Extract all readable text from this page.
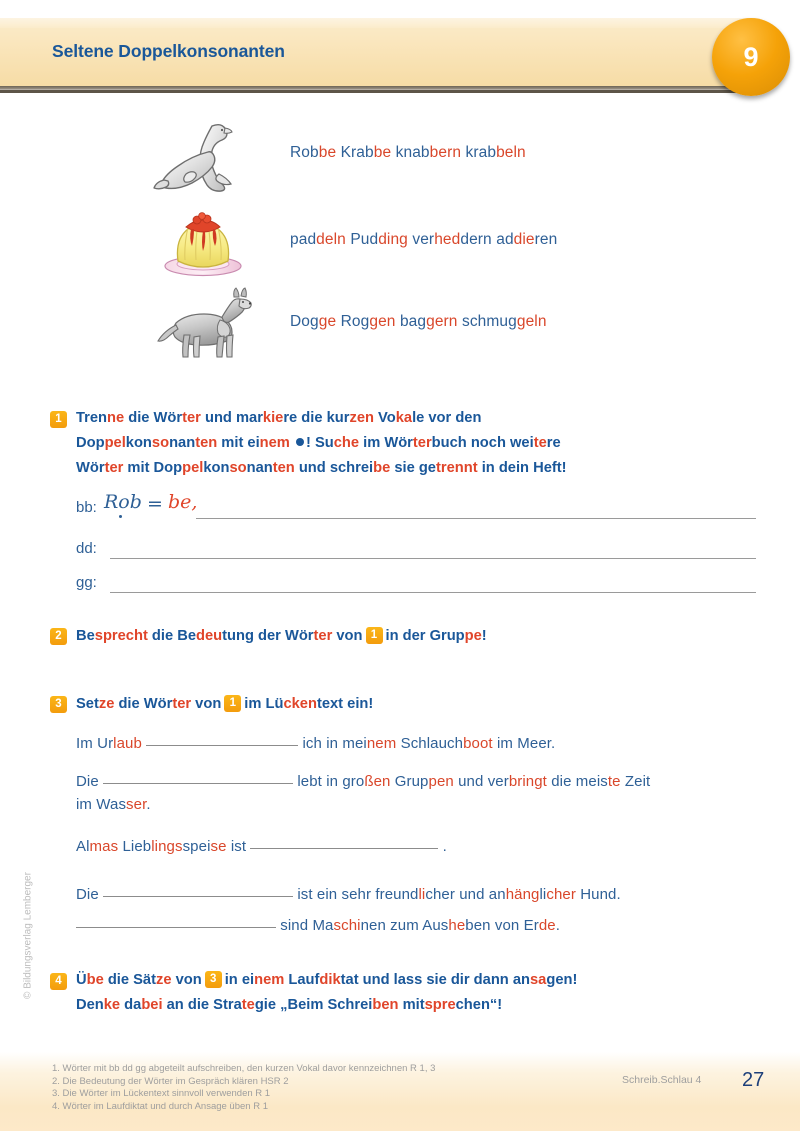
Seltene Doppelkonsonanten	9
Robbe Krabbe knabbern krabbeln
paddeln Pudding verheddern addieren
Dogge Roggen baggern schmuggeln
1 Trenne die Wörter und markiere die kurzen Vokale vor den
Doppelkonsonanten mit einem ! Suche im Wörterbuch noch weitere
Wörter mit Doppelkonsonanten und schreibe sie getrennt in dein Heft!
bb: Rob = be,
dd:
gg:
2 Besprecht die Bedeutung der Wörter von 1 in der Gruppe!
3 Setze die Wörter von 1 im Lückentext ein!
Im Urlaub	ich in meinem Schlauchboot im Meer.
Die	lebt in großen Gruppen und verbringt die meiste Zeit
im Wasser.
Almas Lieblingsspeise ist	.
Die	ist ein sehr freundlicher und anhänglicher Hund.
sind Maschinen zum Ausheben von Erde.
4 Übe die Sätze von 3 in einem Laufdiktat und lass sie dir dann ansagen!
Denke dabei an die Strategie „Beim Schreiben mitsprechen“!
© Bildungsverlag Lemberger
1. Wörter mit bb dd gg abgeteilt aufschreiben, den kurzen Vokal davor kennzeichnen R 1, 3
2. Die Bedeutung der Wörter im Gespräch klären HSR 2
3. Die Wörter im Lückentext sinnvoll verwenden R 1
4. Wörter im Laufdiktat und durch Ansage üben R 1
Schreib.Schlau 4 27
